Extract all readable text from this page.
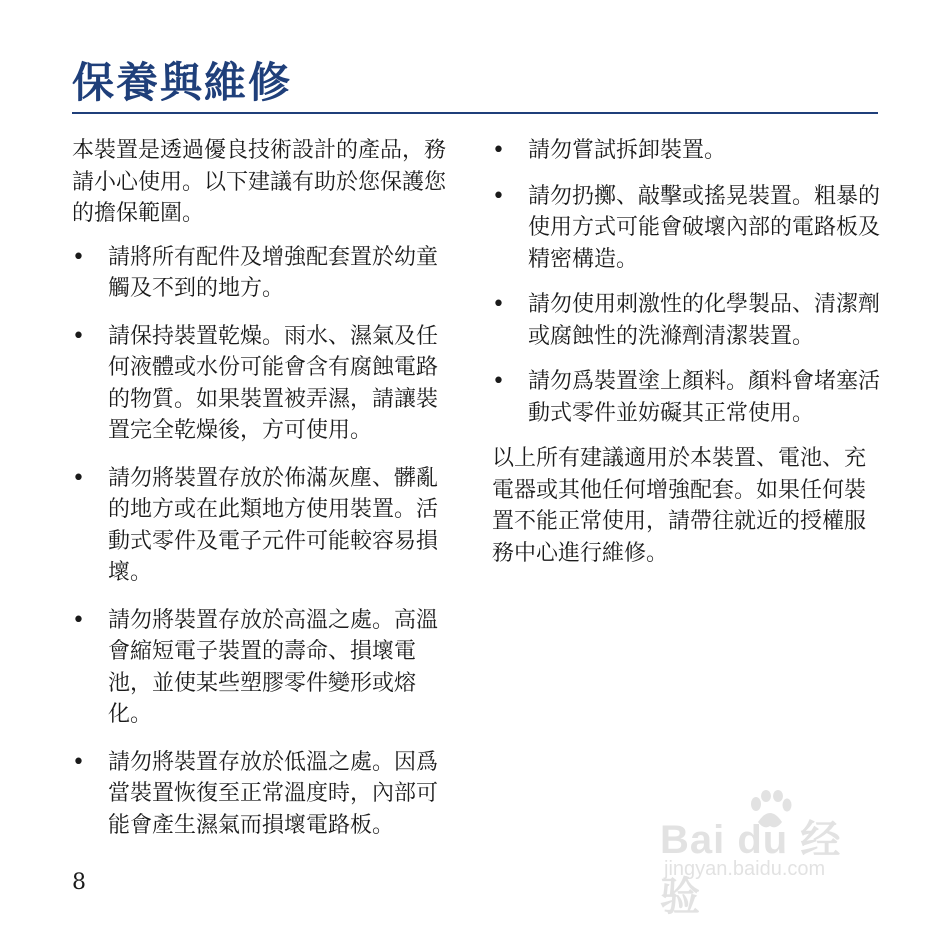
保養與維修

本裝置是透過優良技術設計的產品，務請小心使用。以下建議有助於您保護您的擔保範圍。

•	請將所有配件及增強配套置於幼童觸及不到的地方。
•	請保持裝置乾燥。雨水、濕氣及任何液體或水份可能會含有腐蝕電路的物質。如果裝置被弄濕，請讓裝置完全乾燥後，方可使用。
•	請勿將裝置存放於佈滿灰塵、髒亂的地方或在此類地方使用裝置。活動式零件及電子元件可能較容易損壞。
•	請勿將裝置存放於高溫之處。高溫會縮短電子裝置的壽命、損壞電池，並使某些塑膠零件變形或熔化。
•	請勿將裝置存放於低溫之處。因爲當裝置恢復至正常溫度時，內部可能會產生濕氣而損壞電路板。
•	請勿嘗試拆卸裝置。
•	請勿扔擲、敲擊或搖晃裝置。粗暴的使用方式可能會破壞內部的電路板及精密構造。
•	請勿使用刺激性的化學製品、清潔劑或腐蝕性的洗滌劑清潔裝置。
•	請勿爲裝置塗上顏料。顏料會堵塞活動式零件並妨礙其正常使用。

以上所有建議適用於本裝置、電池、充電器或其他任何增強配套。如果任何裝置不能正常使用，請帶往就近的授權服務中心進行維修。

8
Bai du 经验
jingyan.baidu.com
